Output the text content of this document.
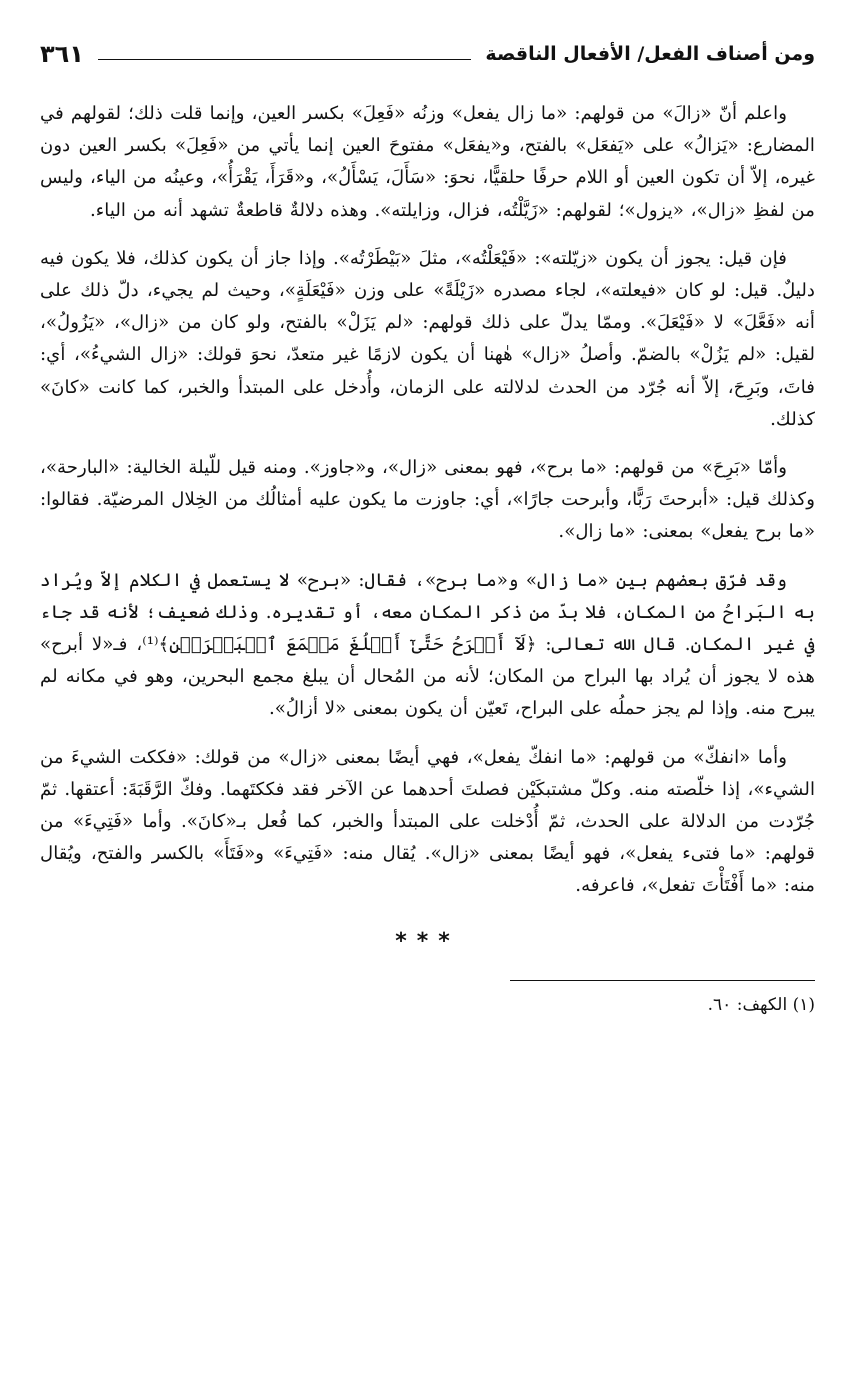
ومن أصناف الفعل/ الأفعال الناقصة
٣٦١

واعلم أنّ «زالَ» من قولهم: «ما زال يفعل» وزنُه «فَعِلَ» بكسر العين، وإنما قلت ذلك؛ لقولهم في المضارع: «يَزالُ» على «يَفعَل» بالفتح، و«يفعَل» مفتوحَ العين إنما يأتي من «فَعِلَ» بكسر العين دون غيره، إلاّ أن تكون العين أو اللام حرفًا حلقيًّا، نحوَ: «سَأَلَ، يَسْأَلُ»، و«قَرَأَ، يَقْرَأُ»، وعينُه من الياء، وليس من لفظِ «زال»، «يزول»؛ لقولهم: «زَيَّلْتُه، فزال، وزايلته». وهذه دلالةٌ قاطعةٌ تشهد أنه من الياء.

فإن قيل: يجوز أن يكون «زيّلته»: «فَيْعَلْتُه»، مثلَ «بَيْطَرْتُه». وإذا جاز أن يكون كذلك، فلا يكون فيه دليلٌ. قيل: لو كان «فيعلته»، لجاء مصدره «زَيْلَةً» على وزن «فَيْعَلَةٍ»، وحيث لم يجيء، دلّ ذلك على أنه «فَعَّلَ» لا «فَيْعَلَ». وممّا يدلّ على ذلك قولهم: «لم يَزَلْ» بالفتح، ولو كان من «زال»، «يَزُولُ»، لقيل: «لم يَزُلْ» بالضمّ. وأصلُ «زال» هٰهنا أن يكون لازمًا غير متعدّ، نحوَ قولك: «زال الشيءُ»، أي: فاتَ، وبَرِحَ، إلاّ أنه جُرّد من الحدث لدلالته على الزمان، وأُدخل على المبتدأ والخبر، كما كانت «كانَ» كذلك.

وأمّا «بَرِحَ» من قولهم: «ما برح»، فهو بمعنى «زال»، و«جاوز». ومنه قيل للّيلة الخالية: «البارحة»، وكذلك قيل: «أبرحتَ رَبًّا، وأبرحت جارًا»، أي: جاوزت ما يكون عليه أمثالُك من الخِلال المرضيّة. فقالوا: «ما برح يفعل» بمعنى: «ما زال».

وقد فرّق بعضهم بين «ما زال» و«ما برح»، فقال: «برح» لا يستعمل في الكلام إلاّ ويُراد به البَراحُ من المكان، فلا بدّ من ذكر المكان معه، أو تقديره. وذلك ضعيف؛ لأنه قد جاء في غير المكان. قال الله تعالى: ﴿لَآ أَبۡرَحُ حَتَّىٰٓ أَبۡلُغَ مَجۡمَعَ ٱلۡبَحۡرَيۡنِ﴾⁽¹⁾، فـ«لا أبرح» هذه لا يجوز أن يُراد بها البراح من المكان؛ لأنه من المُحال أن يبلغ مجمع البحرين، وهو في مكانه لم يبرح منه. وإذا لم يجز حملُه على البراح، تَعيّن أن يكون بمعنى «لا أزالُ».

وأما «انفكّ» من قولهم: «ما انفكّ يفعل»، فهي أيضًا بمعنى «زال» من قولك: «فككت الشيءَ من الشيء»، إذا خلّصته منه. وكلّ مشتبكَيْن فصلتَ أحدهما عن الآخر فقد فككتَهما. وفكّ الرَّقَبَةَ: أعتقها. ثمّ جُرّدت من الدلالة على الحدث، ثمّ أُدْخلت على المبتدأ والخبر، كما فُعل بـ«كانَ». وأما «فَتِيءَ» من قولهم: «ما فتىء يفعل»، فهو أيضًا بمعنى «زال». يُقال منه: «فَتِيءَ» و«فَتَأَ» بالكسر والفتح، ويُقال منه: «ما أَفْتَأْتَ تفعل»، فاعرفه.

***
(١) الكهف: ٦٠.
